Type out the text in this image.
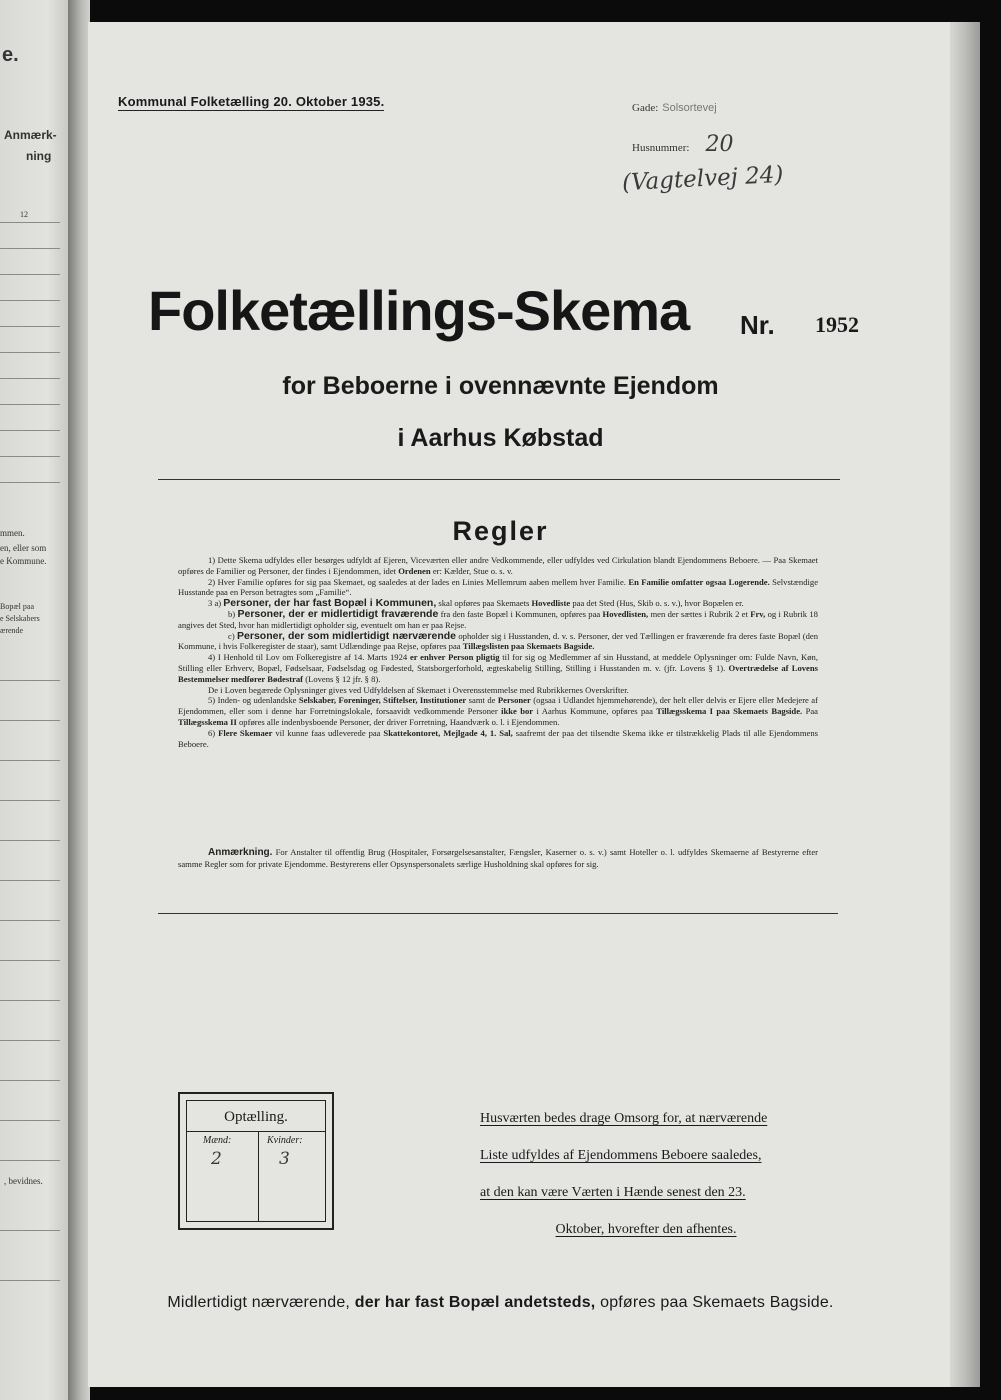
e.
Anmærk-
ning
12
mmen.
en, eller som
e Kommune.
Bopæl paa
e Selskabers
ærende
, bevidnes.
Kommunal Folketælling 20. Oktober 1935.	Gade: Solsortevej
Husnummer: 20
(Vagtelvej 24)
Folketællings-Skema Nr. 1952
for Beboerne i ovennævnte Ejendom
i Aarhus Købstad
Regler

1) Dette Skema udfyldes eller besørges udfyldt af Ejeren, Viceværten eller andre Vedkommende, eller udfyldes ved Cirkulation blandt Ejendommens Beboere. — Paa Skemaet opføres de Familier og Personer, der findes i Ejendommen, idet Ordenen er: Kælder, Stue o. s. v.

2) Hver Familie opføres for sig paa Skemaet, og saaledes at der lades en Linies Mellemrum aaben mellem hver Familie. En Familie omfatter ogsaa Logerende. Selvstændige Husstande paa en Person betragtes som „Familie“.

3 a) Personer, der har fast Bopæl i Kommunen, skal opføres paa Skemaets Hovedliste paa det Sted (Hus, Skib o. s. v.), hvor Bopælen er.

b) Personer, der er midlertidigt fraværende fra den faste Bopæl i Kommunen, opføres paa Hovedlisten, men der sættes i Rubrik 2 et Frv, og i Rubrik 18 angives det Sted, hvor han midlertidigt opholder sig, eventuelt om han er paa Rejse.

c) Personer, der som midlertidigt nærværende opholder sig i Husstanden, d. v. s. Personer, der ved Tællingen er fraværende fra deres faste Bopæl (den Kommune, i hvis Folkeregister de staar), samt Udlændinge paa Rejse, opføres paa Tillægslisten paa Skemaets Bagside.

4) I Henhold til Lov om Folkeregistre af 14. Marts 1924 er enhver Person pligtig til for sig og Medlemmer af sin Husstand, at meddele Oplysninger om: Fulde Navn, Køn, Stilling eller Erhverv, Bopæl, Fødselsaar, Fødselsdag og Fødested, Statsborgerforhold, ægteskabelig Stilling, Stilling i Husstanden m. v. (jfr. Lovens § 1). Overtrædelse af Lovens Bestemmelser medfører Bødestraf (Lovens § 12 jfr. § 8).

De i Loven begærede Oplysninger gives ved Udfyldelsen af Skemaet i Overensstemmelse med Rubrikkernes Overskrifter.

5) Inden- og udenlandske Selskaber, Foreninger, Stiftelser, Institutioner samt de Personer (ogsaa i Udlandet hjemmehørende), der helt eller delvis er Ejere eller Medejere af Ejendommen, eller som i denne har Forretningslokale, forsaavidt vedkommende Personer ikke bor i Aarhus Kommune, opføres paa Tillægsskema I paa Skemaets Bagside. Paa Tillægsskema II opføres alle indenbysboende Personer, der driver Forretning, Haandværk o. l. i Ejendommen.

6) Flere Skemaer vil kunne faas udleverede paa Skattekontoret, Mejlgade 4, 1. Sal, saafremt der paa det tilsendte Skema ikke er tilstrækkelig Plads til alle Ejendommens Beboere.

Anmærkning. For Anstalter til offentlig Brug (Hospitaler, Forsørgelsesanstalter, Fængsler, Kaserner o. s. v.) samt Hoteller o. l. udfyldes Skemaerne af Bestyrerne efter samme Regler som for private Ejendomme. Bestyrerens eller Opsynspersonalets særlige Husholdning skal opføres for sig.

Optælling.
Mænd:	Kvinder:
2	3
Husværten bedes drage Omsorg for, at nærværende
Liste udfyldes af Ejendommens Beboere saaledes,
at den kan være Værten i Hænde senest den 23.
Oktober, hvorefter den afhentes.
Midlertidigt nærværende, der har fast Bopæl andetsteds, opføres paa Skemaets Bagside.
